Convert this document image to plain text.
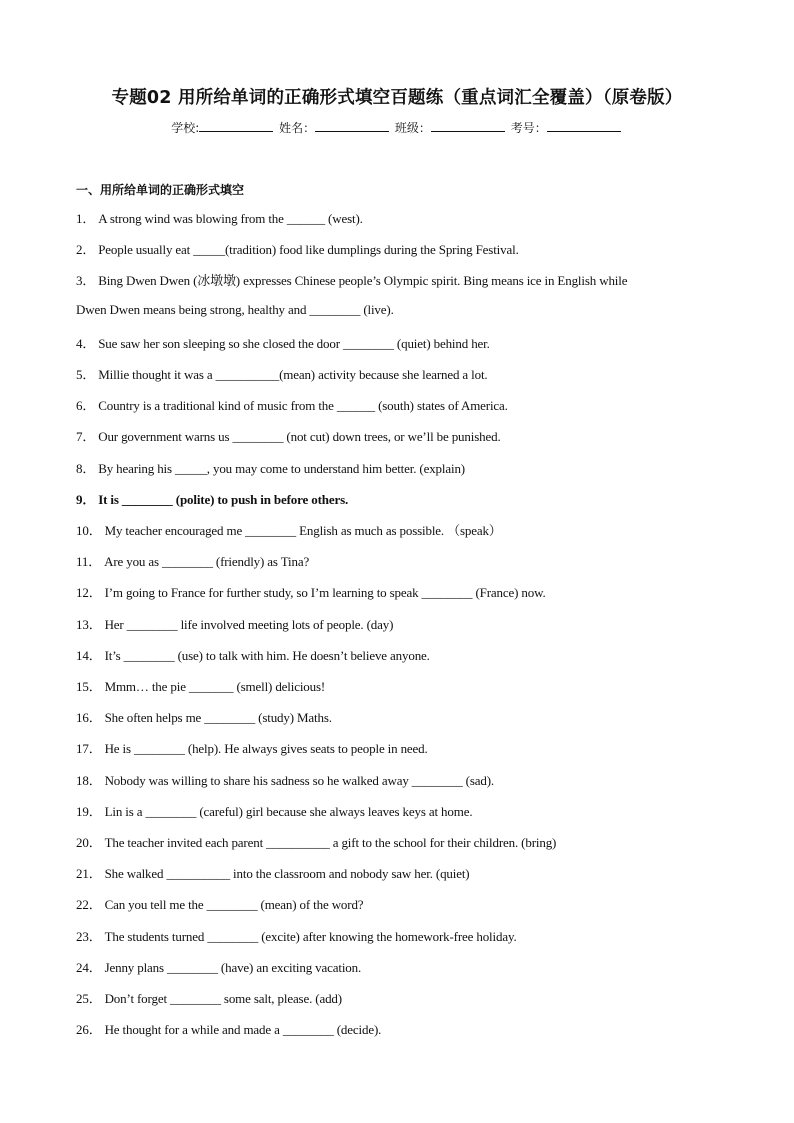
专题02 用所给单词的正确形式填空百题练（重点词汇全覆盖）（原卷版）
学校:	姓名：	班级：	考号：
一、用所给单词的正确形式填空
1． A strong wind was blowing from the ______ (west).
2． People usually eat _____(tradition) food like dumplings during the Spring Festival.
3． Bing Dwen Dwen (冰墩墩) expresses Chinese people’s Olympic spirit. Bing means ice in English while
Dwen Dwen means being strong, healthy and ________ (live).
4． Sue saw her son sleeping so she closed the door ________ (quiet) behind her.
5． Millie thought it was a __________(mean) activity because she learned a lot.
6． Country is a traditional kind of music from the ______ (south) states of America.
7． Our government warns us ________ (not cut) down trees, or we’ll be punished.
8． By hearing his _____, you may come to understand him better. (explain)
9． It is ________ (polite) to push in before others.
10． My teacher encouraged me ________ English as much as possible. （speak）
11． Are you as ________ (friendly) as Tina?
12． I’m going to France for further study, so I’m learning to speak ________ (France) now.
13． Her ________ life involved meeting lots of people. (day)
14． It’s ________ (use) to talk with him. He doesn’t believe anyone.
15． Mmm… the pie _______ (smell) delicious!
16． She often helps me ________ (study) Maths.
17． He is ________ (help). He always gives seats to people in need.
18． Nobody was willing to share his sadness so he walked away ________ (sad).
19． Lin is a ________ (careful) girl because she always leaves keys at home.
20． The teacher invited each parent __________ a gift to the school for their children. (bring)
21． She walked __________ into the classroom and nobody saw her. (quiet)
22． Can you tell me the ________ (mean) of the word?
23． The students turned ________ (excite) after knowing the homework-free holiday.
24． Jenny plans ________ (have) an exciting vacation.
25． Don’t forget ________ some salt, please. (add)
26． He thought for a while and made a ________ (decide).
